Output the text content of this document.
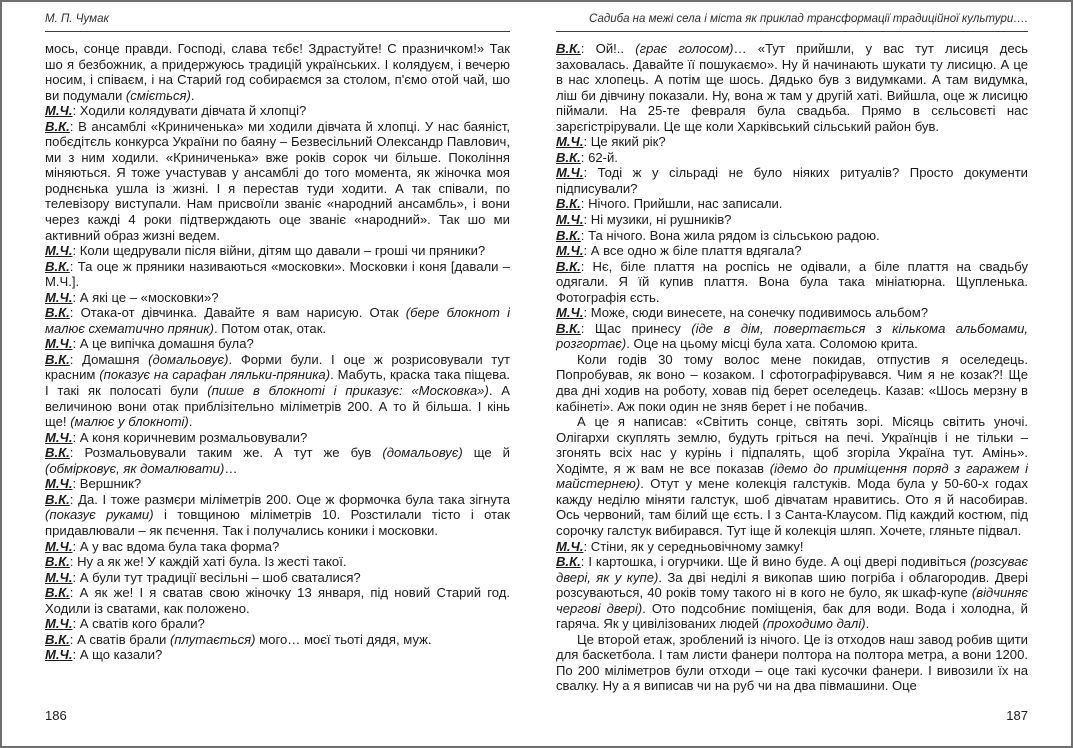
М. П. Чумак

мось, сонце правди. Господі, слава тєбє! Здрастуйте! С празничком!» Так шо я безбожник, а придержуюсь традицій українських. І колядуєм, і вечерю носим, і співаєм, і на Старий год собираємся за столом, п'ємо отой чай, шо ви подумали (сміється).

М.Ч.: Ходили колядувати дівчата й хлопці?

В.К.: В ансамблі «Криниченька» ми ходили дівчата й хлопці. У нас баяніст, побєдітєль конкурса України по баяну – Безвесільний Олександр Павлович, ми з ним ходили. «Криниченька» вже років сорок чи більше. Покоління міняються. Я тоже участував у ансамблі до того момента, як жіночка моя роднєнька ушла із жизні. І я перестав туди ходити. А так співали, по телевізору виступали. Нам присвоїли званіє «народний ансамбль», і вони через кажді 4 роки підтверждають оце званіє «народний». Так шо ми активний образ жизні ведем.

М.Ч.: Коли щедрували після війни, дітям що давали – гроші чи пряники?

В.К.: Та оце ж пряники називаються «московки». Московки і коня [давали – М.Ч.].

М.Ч.: А які це – «московки»?

В.К.: Отака-от дівчинка. Давайте я вам нарисую. Отак (бере блокнот і малює схематично пряник). Потом отак, отак.

М.Ч.: А це випічка домашня була?

В.К.: Домашня (домальовує). Форми були. І оце ж розрисовували тут красним (показує на сарафан ляльки-пряника). Мабуть, краска така піщева. І такі як полосаті були (пише в блокноті і приказує: «Московка»). А величиною вони отак приблізітельно міліметрів 200. А то й більша. І кінь ще! (малює у блокноті).

М.Ч.: А коня коричневим розмальовували?

В.К.: Розмальовували таким же. А тут же був (домальовує) ще й (обмірковує, як домалювати)…

М.Ч.: Вершник?

В.К.: Да. І тоже размєри міліметрів 200. Оце ж формочка була така зігнута (показує руками) і товщиною міліметрів 10. Розстилали тісто і отак придавлювали – як пєчення. Так і получались коники і московки.

М.Ч.: А у вас вдома була така форма?

В.К.: Ну а як же! У каждій хаті була. Із жесті такої.

М.Ч.: А були тут традиції весільні – шоб сваталися?

В.К.: А як же! І я сватав свою жіночку 13 января, під новий Старий год. Ходили із сватами, как положено.

М.Ч.: А сватів кого брали?

В.К.: А сватів брали (плутається) мого… моєї тьоті дядя, муж.

М.Ч.: А що казали?

186
Садиба на межі села і міста як приклад трансформації традиційної культури….

В.К.: Ой!.. (грає голосом)… «Тут прийшли, у вас тут лисиця десь заховалась. Давайте її пошукаємо». Ну й начинають шукати ту лисицю. А це в нас хлопець. А потім ще шось. Дядько був з видумками. А там видумка, ліш би дівчину показали. Ну, вона ж там у другій хаті. Вийшла, оце ж лисицю піймали. На 25-те февраля була свадьба. Прямо в сєльсовєті нас зарєгістрірували. Це ще коли Харківський сільський район був.

М.Ч.: Це який рік?

В.К.: 62-й.

М.Ч.: Тоді ж у сільраді не було ніяких ритуалів? Просто документи підписували?

В.К.: Нічого. Прийшли, нас записали.

М.Ч.: Ні музики, ні рушників?

В.К.: Та нічого. Вона жила рядом із сільською радою.

М.Ч.: А все одно ж біле плаття вдягала?

В.К.: Нє, біле плаття на роспісь не одівали, а біле плаття на свадьбу одягали. Я їй купив плаття. Вона була така мініатюрна. Щупленька. Фотографія єсть.

М.Ч.: Може, сюди винесете, на сонечку подивимось альбом?

В.К.: Щас принесу (іде в дім, повертається з кількома альбомами, розгортає). Оце на цьому місці була хата. Соломою крита.

Коли годів 30 тому волос мене покидав, отпустив я оселедець. Попробував, як воно – козаком. І сфотографірувався. Чим я не козак?! Ще два дні ходив на роботу, ховав під берет оселедець. Казав: «Шось мерзну в кабінеті». Аж поки один не зняв берет і не побачив.

А це я написав: «Світить сонце, світять зорі. Місяць світить уночі. Олігархи скуплять землю, будуть гріться на печі. Українців і не тільки – згонять всіх нас у курінь і підпалять, щоб згоріла Україна тут. Амінь». Ходімте, я ж вам не все показав (ідемо до приміщення поряд з гаражем і майстернею). Отут у мене колекція галстуків. Мода була у 50-60-х годах кажду неділю міняти галстук, шоб дівчатам нравитись. Ото я й насобирав. Ось червоний, там білий ще єсть. І з Санта-Клаусом. Під каждий костюм, під сорочку галстук вибирався. Тут іще й колекція шляп. Хочете, гляньте підвал.

М.Ч.: Стіни, як у середньовічному замку!

В.К.: І картошка, і огурчики. Ще й вино буде. А оці двері подивіться (розсуває двері, як у купе). За дві неділі я викопав шию погріба і облагородив. Двері розсуваються, 40 років тому такого ні в кого не було, як шкаф-купе (відчиняє чергові двері). Ото подсобниє поміщенія, бак для води. Вода і холодна, й гаряча. Як у цивілізованих людей (проходимо далі).

Це второй етаж, зроблений із нічого. Це із отходов наш завод робив щити для баскетбола. І там листи фанери полтора на полтора метра, а вони 1200. По 200 міліметров були отходи – оце такі кусочки фанери. І вивозили їх на свалку. Ну а я виписав чи на руб чи на два півмашини. Оце

187
